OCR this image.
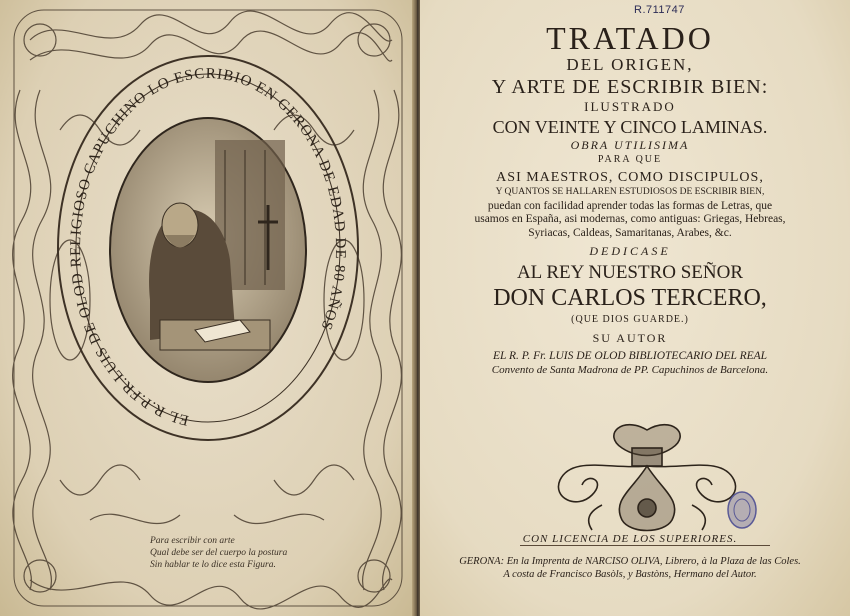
EL R.P.FR.LUIS DE OLOD RELIGIOSO CAPUCHINO LO ESCRIBIO EN GERONA DE EDAD DE 80 AÑOS
Para escribir con arte
Qual debe ser del cuerpo la postura
Sin hablar te lo dice esta Figura.
R.711747
TRATADO
DEL ORIGEN,
Y ARTE DE ESCRIBIR BIEN:
ILUSTRADO
CON VEINTE Y CINCO LAMINAS.
OBRA UTILISIMA
PARA QUE
ASI MAESTROS, COMO DISCIPULOS,
Y QUANTOS SE HALLAREN ESTUDIOSOS DE ESCRIBIR BIEN,
puedan con facilidad aprender todas las formas de Letras, que
usamos en España, asi modernas, como antiguas: Griegas, Hebreas,
Syriacas, Caldeas, Samaritanas, Arabes, &c.
DEDICASE
AL REY NUESTRO SEÑOR
DON CARLOS TERCERO,
(QUE DIOS GUARDE.)
SU AUTOR
EL R. P. Fr. LUIS DE OLOD BIBLIOTECARIO DEL REAL
Convento de Santa Madrona de PP. Capuchinos de Barcelona.
CON LICENCIA DE LOS SUPERIORES.
GERONA: En la Imprenta de NARCISO OLIVA, Librero, à la Plaza de las Coles.
A costa de Francisco Basòls, y Bastòns, Hermano del Autor.
